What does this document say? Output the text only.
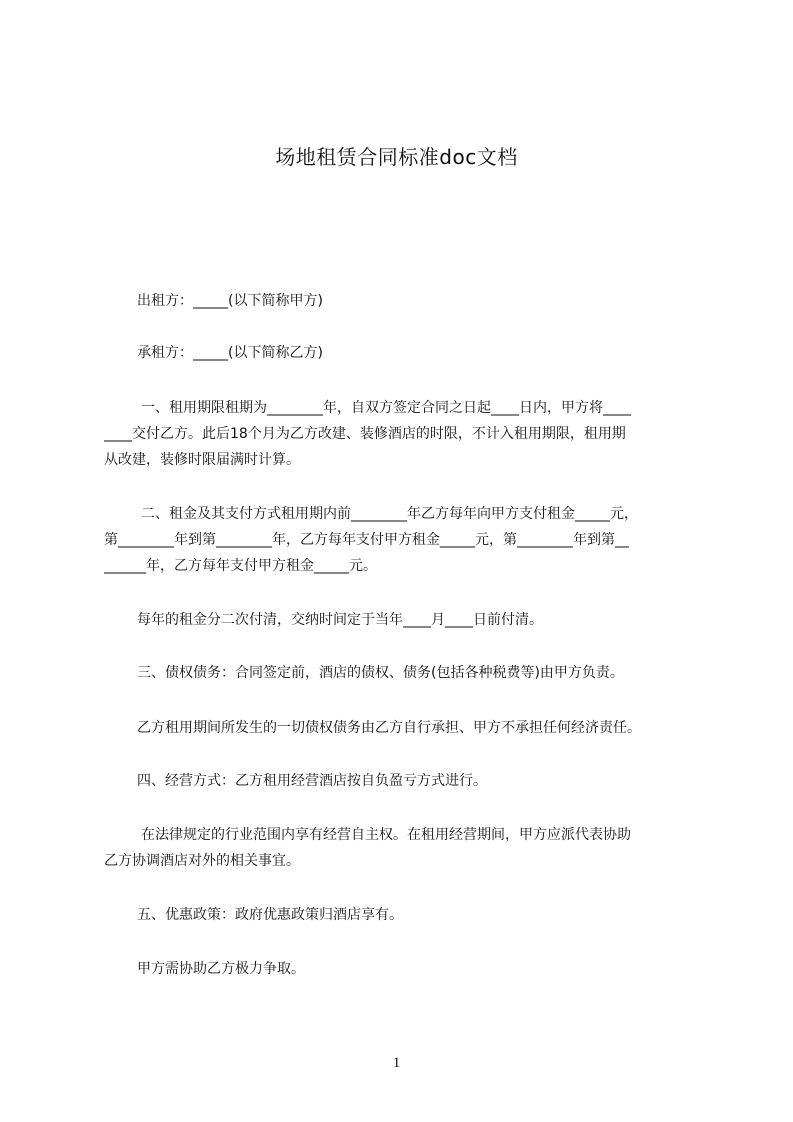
场地租赁合同标准doc文档
出租方：_____(以下简称甲方)
承租方：_____(以下简称乙方)
一、租用期限租期为________年，自双方签定合同之日起____日内，甲方将____
____交付乙方。此后18个月为乙方改建、装修酒店的时限，不计入租用期限，租用期
从改建，装修时限届满时计算。
二、租金及其支付方式租用期内前________年乙方每年向甲方支付租金_____元，
第________年到第________年，乙方每年支付甲方租金_____元，第________年到第__
______年，乙方每年支付甲方租金_____元。
每年的租金分二次付清，交纳时间定于当年____月____日前付清。
三、债权债务：合同签定前，酒店的债权、债务(包括各种税费等)由甲方负责。
乙方租用期间所发生的一切债权债务由乙方自行承担、甲方不承担任何经济责任。
四、经营方式：乙方租用经营酒店按自负盈亏方式进行。
在法律规定的行业范围内享有经营自主权。在租用经营期间，甲方应派代表协助
乙方协调酒店对外的相关事宜。
五、优惠政策：政府优惠政策归酒店享有。
甲方需协助乙方极力争取。
1
